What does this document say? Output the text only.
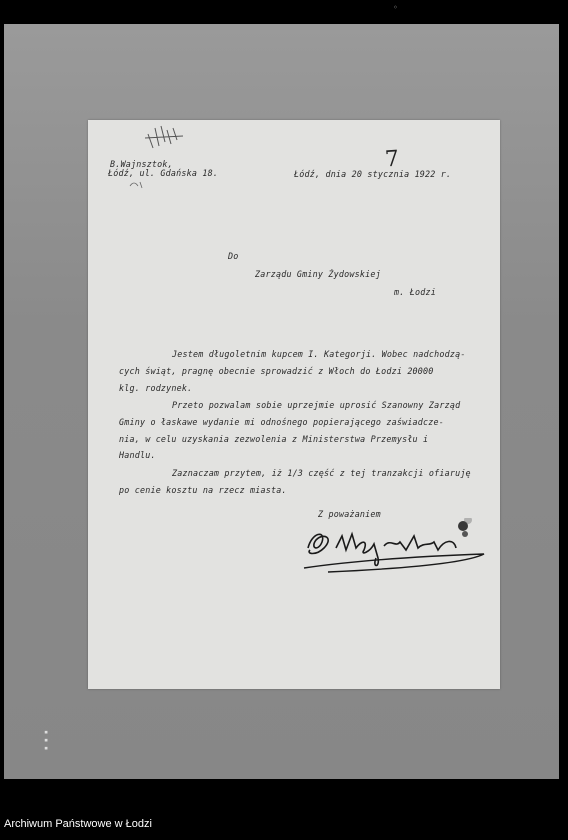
◦
B.Wajnsztok,
Łódź, ul. Gdańska 18.	Łódź, dnia 20 stycznia 1922 r.
Do
Zarządu Gminy Żydowskiej
m. Łodzi
Jestem długoletnim kupcem I. Kategorji. Wobec nadchodzą-
cych świąt, pragnę obecnie sprowadzić z Włoch do Łodzi 20000
klg. rodzynek.
Przeto pozwalam sobie uprzejmie uprosić Szanowny Zarząd
Gminy o łaskawe wydanie mi odnośnego popierającego zaświadcze-
nia, w celu uzyskania zezwolenia z Ministerstwa Przemysłu i
Handlu.
Zaznaczam przytem, iż 1/3 część z tej tranzakcji ofiaruję
po cenie kosztu na rzecz miasta.
Z poważaniem
7
▪
▪
▪
Archiwum Państwowe w Łodzi
